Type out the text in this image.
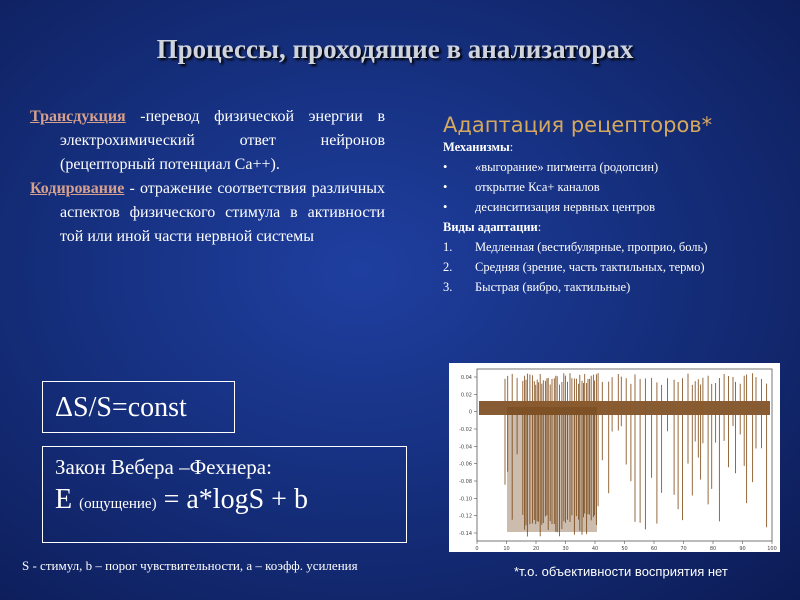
Процессы, проходящие в анализаторах

Трансдукция -перевод физической энергии в электрохимический ответ нейронов (рецепторный потенциал Са++).

Кодирование - отражение соответствия различных аспектов физического стимула в активности той или иной части нервной системы

Адаптация рецепторов*
Механизмы:
•	«выгорание» пигмента (родопсин)
•	открытие Кса+ каналов
•	десинситизация нервных центров
Виды адаптации:
1.	Медленная (вестибулярные, проприо, боль)
2.	Средняя (зрение, часть тактильных, термо)
3.	Быстрая (вибро, тактильные)
ΔS/S=const
Закон Вебера –Фехнера:
E (ощущение) = a*logS + b
S - стимул, b – порог чувствительности, a – коэфф. усиления	*т.о. объективности восприятия нет
0.04
0.02
0
-0.02
-0.04
-0.06
-0.08
-0.10
-0.12
-0.14
0	10	20	30	40	50	60	70	80	90	100
